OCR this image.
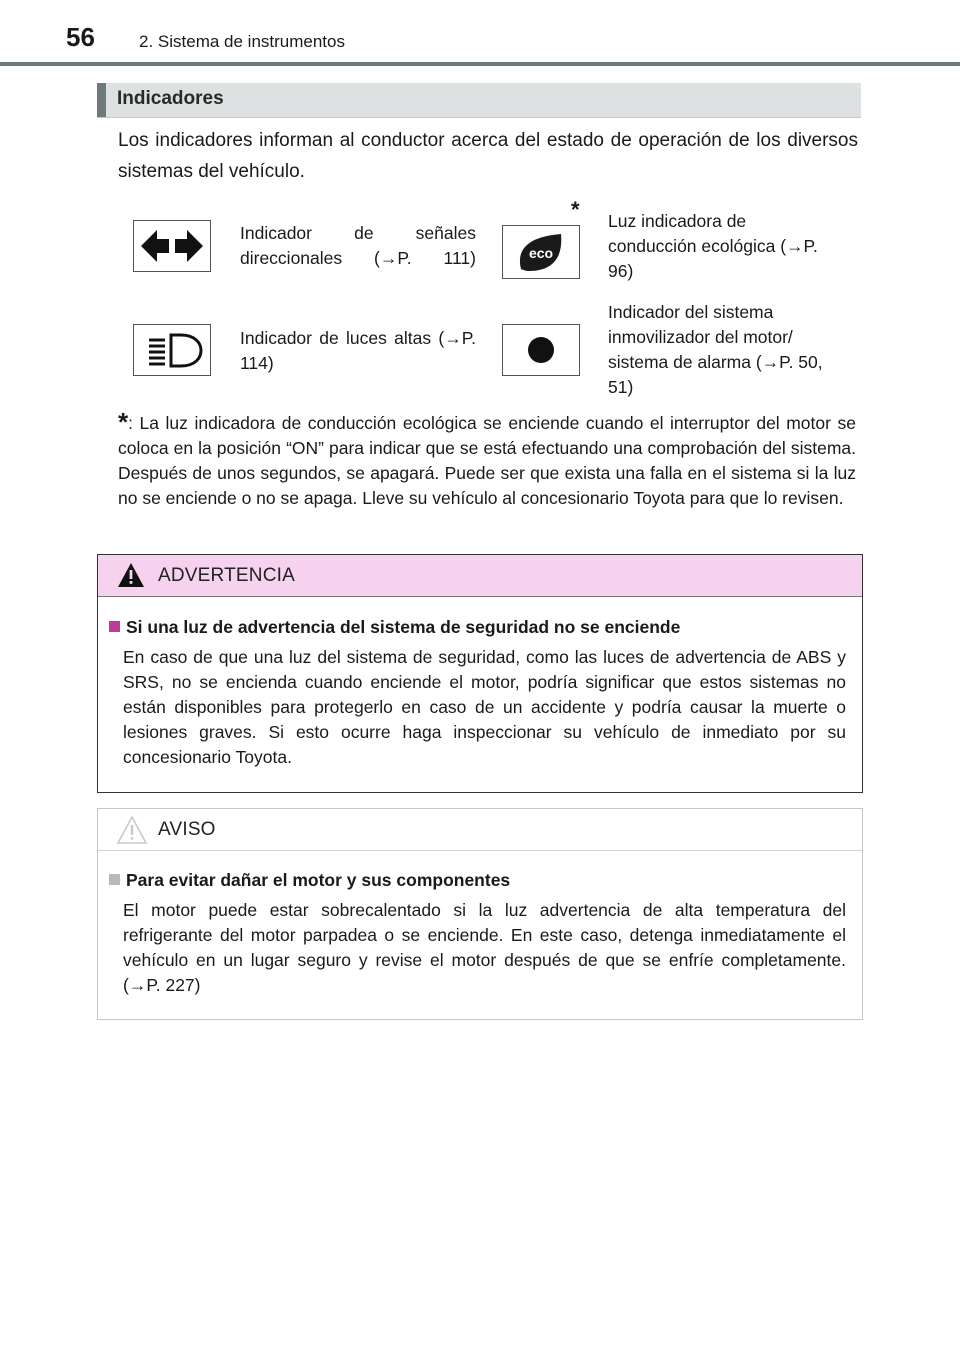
56	2. Sistema de instrumentos
Indicadores
Los indicadores informan al conductor acerca del estado de operación de los diversos sistemas del vehículo.
Indicador de señales direccionales (→P. 111)
*
eco
Luz indicadora de conducción ecológica (→P. 96)
Indicador de luces altas (→P. 114)
Indicador del sistema inmovilizador del motor/ sistema de alarma (→P. 50, 51)
*: La luz indicadora de conducción ecológica se enciende cuando el interruptor del motor se coloca en la posición “ON” para indicar que se está efectuando una comprobación del sistema. Después de unos segundos, se apagará. Puede ser que exista una falla en el sistema si la luz no se enciende o no se apaga. Lleve su vehículo al concesionario Toyota para que lo revisen.
ADVERTENCIA
Si una luz de advertencia del sistema de seguridad no se enciende
En caso de que una luz del sistema de seguridad, como las luces de advertencia de ABS y SRS, no se encienda cuando enciende el motor, podría significar que estos sistemas no están disponibles para protegerlo en caso de un accidente y podría causar la muerte o lesiones graves. Si esto ocurre haga inspeccionar su vehículo de inmediato por su concesionario Toyota.
AVISO
Para evitar dañar el motor y sus componentes
El motor puede estar sobrecalentado si la luz advertencia de alta temperatura del refrigerante del motor parpadea o se enciende. En este caso, detenga inmediatamente el vehículo en un lugar seguro y revise el motor después de que se enfríe completamente. (→P. 227)
